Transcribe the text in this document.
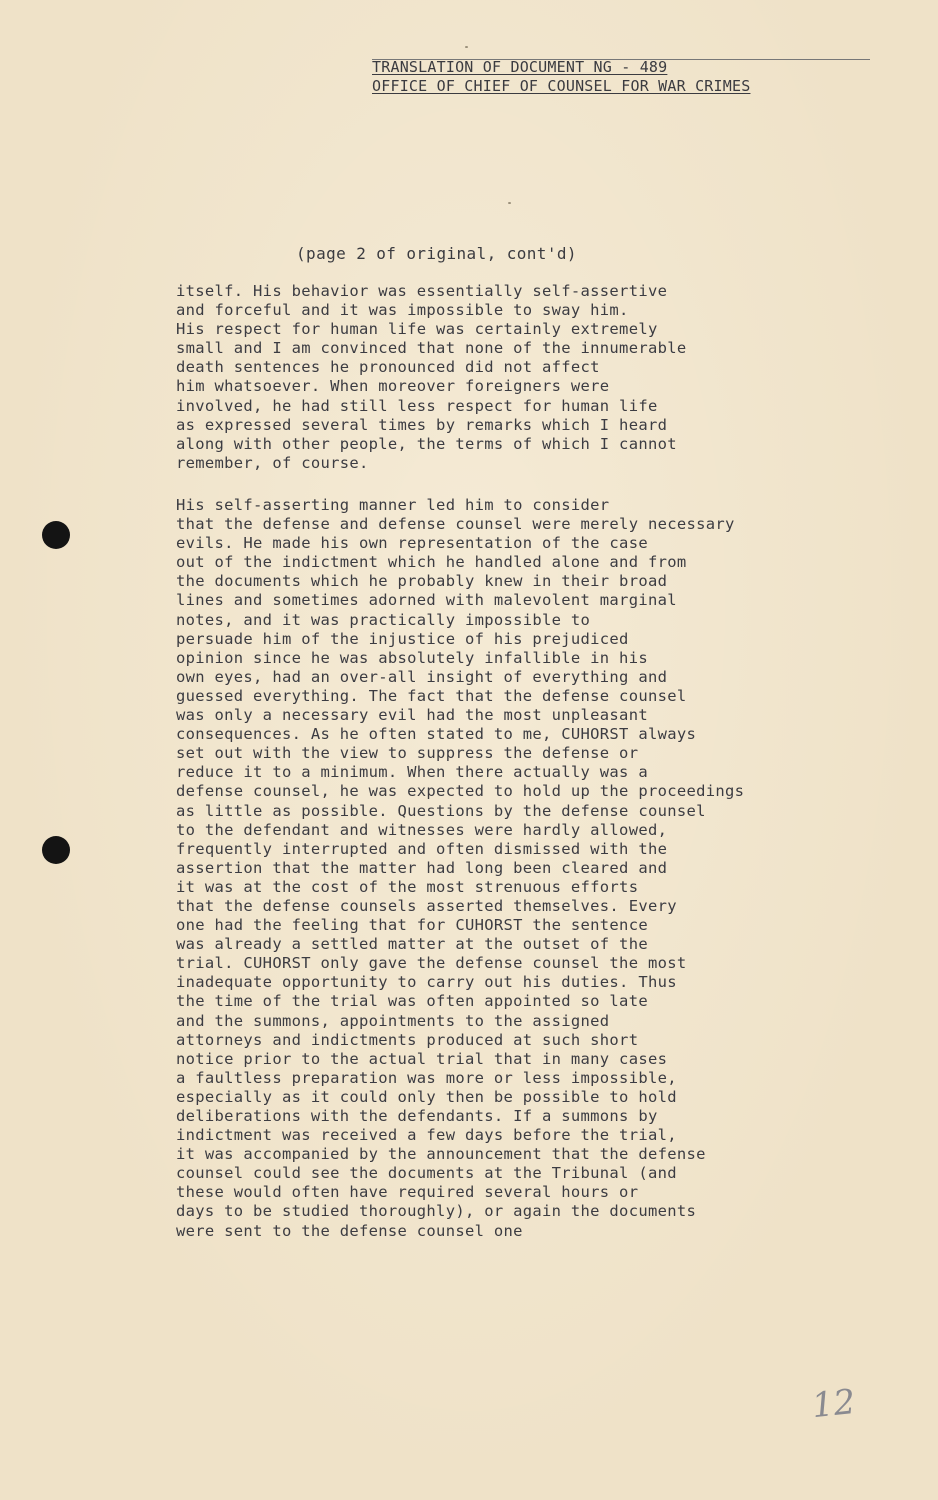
TRANSLATION OF DOCUMENT NG - 489
OFFICE OF CHIEF OF COUNSEL FOR WAR CRIMES
(page 2 of original, cont'd)
itself. His behavior was essentially self-assertive
and forceful and it was impossible to sway him.
His respect for human life was certainly extremely
small and I am convinced that none of the innumerable
death sentences he pronounced did not affect
him whatsoever. When moreover foreigners were
involved, he had still less respect for human life
as expressed several times by remarks which I heard
along with other people, the terms of which I cannot
remember, of course.
His self-asserting manner led him to consider
that the defense and defense counsel were merely necessary
evils. He made his own representation of the case
out of the indictment which he handled alone and from
the documents which he probably knew in their broad
lines and sometimes adorned with malevolent marginal
notes, and it was practically impossible to
persuade him of the injustice of his prejudiced
opinion since he was absolutely infallible in his
own eyes, had an over-all insight of everything and
guessed everything. The fact that the defense counsel
was only a necessary evil had the most unpleasant
consequences. As he often stated to me, CUHORST always
set out with the view to suppress the defense or
reduce it to a minimum. When there actually was a
defense counsel, he was expected to hold up the proceedings
as little as possible. Questions by the defense counsel
to the defendant and witnesses were hardly allowed,
frequently interrupted and often dismissed with the
assertion that the matter had long been cleared and
it was at the cost of the most strenuous efforts
that the defense counsels asserted themselves. Every
one had the feeling that for CUHORST the sentence
was already a settled matter at the outset of the
trial. CUHORST only gave the defense counsel the most
inadequate opportunity to carry out his duties. Thus
the time of the trial was often appointed so late
and the summons, appointments to the assigned
attorneys and indictments produced at such short
notice prior to the actual trial that in many cases
a faultless preparation was more or less impossible,
especially as it could only then be possible to hold
deliberations with the defendants. If a summons by
indictment was received a few days before the trial,
it was accompanied by the announcement that the defense
counsel could see the documents at the Tribunal (and
these would often have required several hours or
days to be studied thoroughly), or again the documents
were sent to the defense counsel one
12
